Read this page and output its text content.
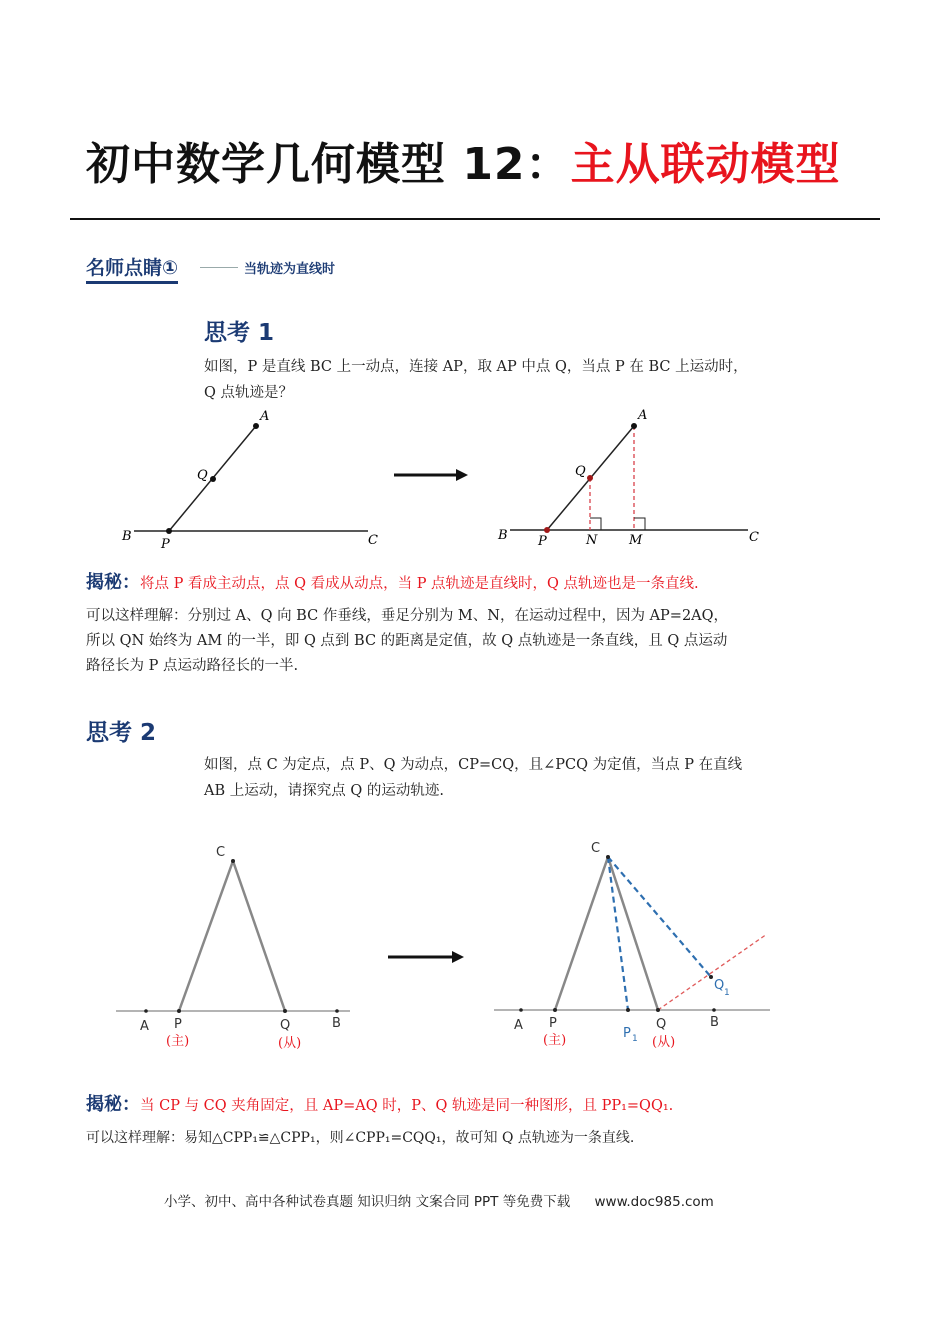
初中数学几何模型 12：主从联动模型
名师点睛①	当轨迹为直线时
思考 1
如图，P 是直线 BC 上一动点，连接 AP，取 AP 中点 Q，当点 P 在 BC 上运动时，
Q 点轨迹是？
A
Q
B
P	C
A
Q
B P	N M	C
揭秘：将点 P 看成主动点，点 Q 看成从动点，当 P 点轨迹是直线时，Q 点轨迹也是一条直线.
可以这样理解：分别过 A、Q 向 BC 作垂线，垂足分别为 M、N，在运动过程中，因为 AP=2AQ，
所以 QN 始终为 AM 的一半，即 Q 点到 BC 的距离是定值，故 Q 点轨迹是一条直线，且 Q 点运动
路径长为 P 点运动路径长的一半.
思考 2
如图，点 C 为定点，点 P、Q 为动点，CP=CQ，且∠PCQ 为定值，当点 P 在直线
AB 上运动，请探究点 Q 的运动轨迹.
C
A P	Q	B
(主)	(从)
C
A P
P 1
Q	B
Q 1
(主)	(从)
揭秘：当 CP 与 CQ 夹角固定，且 AP=AQ 时，P、Q 轨迹是同一种图形，且 PP₁=QQ₁.
可以这样理解：易知△CPP₁≌△CPP₁，则∠CPP₁=CQQ₁，故可知 Q 点轨迹为一条直线.
小学、初中、高中各种试卷真题 知识归纳 文案合同 PPT 等免费下载 www.doc985.com
